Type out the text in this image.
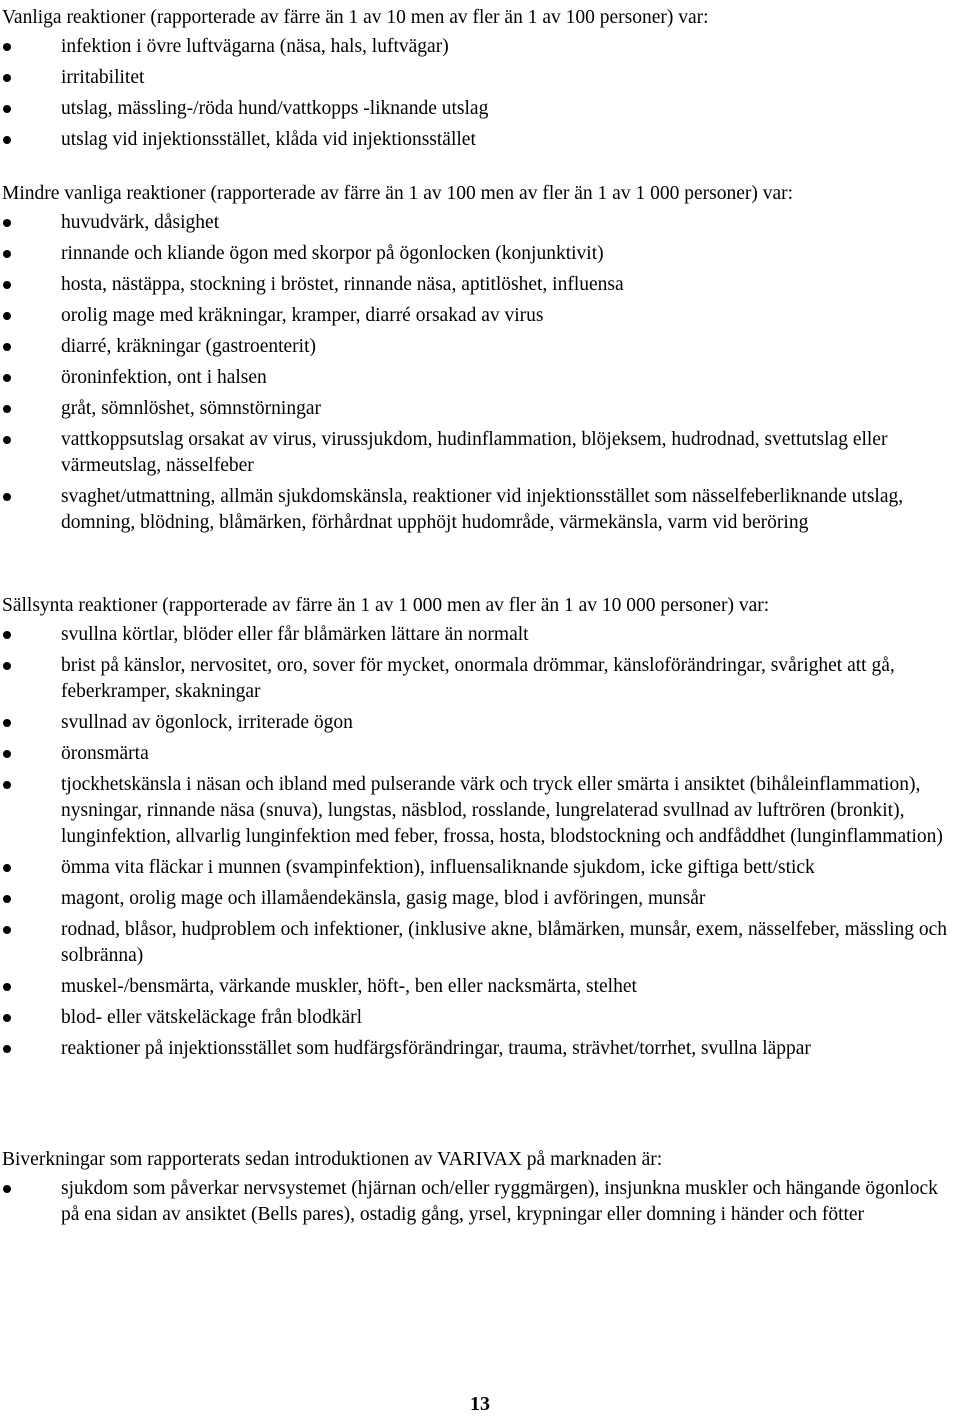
Vanliga reaktioner (rapporterade av färre än 1 av 10 men av fler än 1 av 100 personer) var:

infektion i övre luftvägarna (näsa, hals, luftvägar)
irritabilitet
utslag, mässling-/röda hund/vattkopps -liknande utslag
utslag vid injektionsstället, klåda vid injektionsstället

Mindre vanliga reaktioner (rapporterade av färre än 1 av 100 men av fler än 1 av 1 000 personer) var:

huvudvärk, dåsighet
rinnande och kliande ögon med skorpor på ögonlocken (konjunktivit)
hosta, nästäppa, stockning i bröstet, rinnande näsa, aptitlöshet, influensa
orolig mage med kräkningar, kramper, diarré orsakad av virus
diarré, kräkningar (gastroenterit)
öroninfektion, ont i halsen
gråt, sömnlöshet, sömnstörningar
vattkoppsutslag orsakat av virus, virussjukdom, hudinflammation, blöjeksem, hudrodnad, svettutslag eller värmeutslag, nässelfeber
svaghet/utmattning, allmän sjukdomskänsla, reaktioner vid injektionsstället som nässelfeberliknande utslag, domning, blödning, blåmärken, förhårdnat upphöjt hudområde, värmekänsla, varm vid beröring

Sällsynta reaktioner (rapporterade av färre än 1 av 1 000 men av fler än 1 av 10 000 personer) var:

svullna körtlar, blöder eller får blåmärken lättare än normalt
brist på känslor, nervositet, oro, sover för mycket, onormala drömmar, känsloförändringar, svårighet att gå, feberkramper, skakningar
svullnad av ögonlock, irriterade ögon
öronsmärta
tjockhetskänsla i näsan och ibland med pulserande värk och tryck eller smärta i ansiktet (bihåleinflammation), nysningar, rinnande näsa (snuva), lungstas, näsblod, rosslande, lungrelaterad svullnad av luftrören (bronkit), lunginfektion, allvarlig lunginfektion med feber, frossa, hosta, blodstockning och andfåddhet (lunginflammation)
ömma vita fläckar i munnen (svampinfektion), influensaliknande sjukdom, icke giftiga bett/stick
magont, orolig mage och illamåendekänsla, gasig mage, blod i avföringen, munsår
rodnad, blåsor, hudproblem och infektioner, (inklusive akne, blåmärken, munsår, exem, nässelfeber, mässling och solbränna)
muskel-/bensmärta, värkande muskler, höft-, ben eller nacksmärta, stelhet
blod- eller vätskeläckage från blodkärl
reaktioner på injektionsstället som hudfärgsförändringar, trauma, strävhet/torrhet, svullna läppar

Biverkningar som rapporterats sedan introduktionen av VARIVAX på marknaden är:

sjukdom som påverkar nervsystemet (hjärnan och/eller ryggmärgen), insjunkna muskler och hängande ögonlock på ena sidan av ansiktet (Bells pares), ostadig gång, yrsel, krypningar eller domning i händer och fötter
13
